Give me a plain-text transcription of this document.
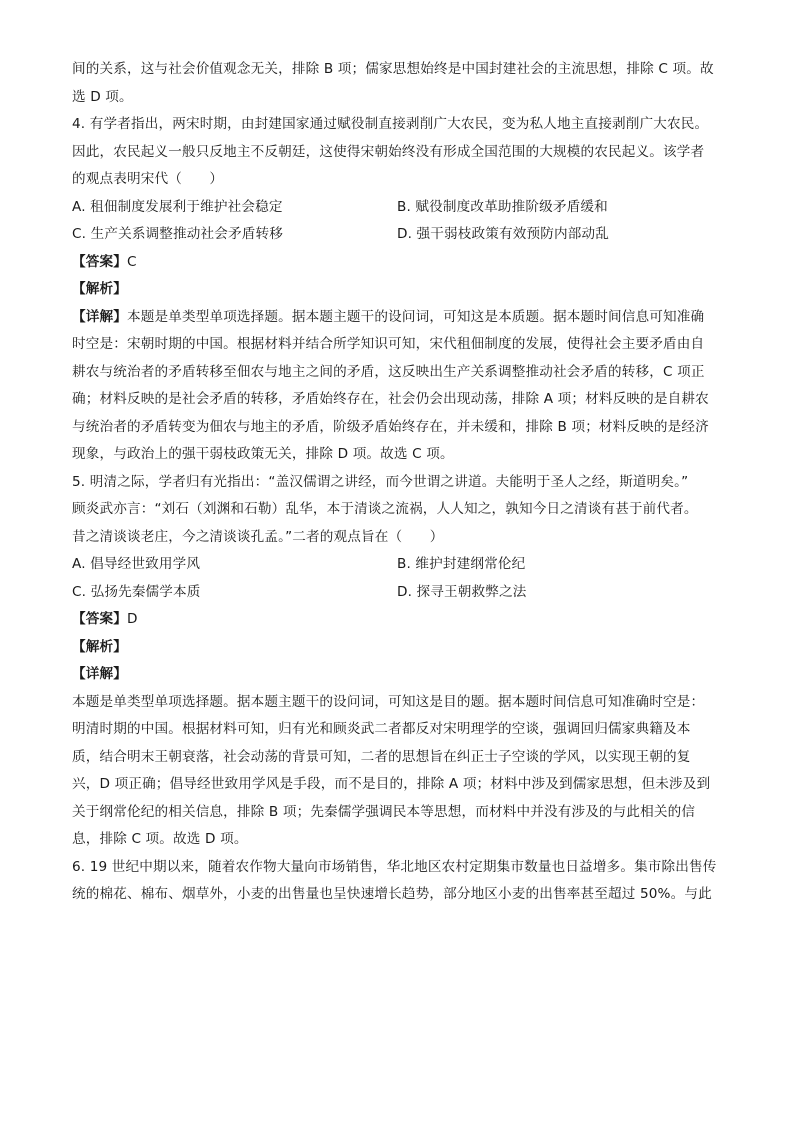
间的关系，这与社会价值观念无关，排除 B 项；儒家思想始终是中国封建社会的主流思想，排除 C 项。故
选 D 项。
4. 有学者指出，两宋时期，由封建国家通过赋役制直接剥削广大农民，变为私人地主直接剥削广大农民。
因此，农民起义一般只反地主不反朝廷，这使得宋朝始终没有形成全国范围的大规模的农民起义。该学者
的观点表明宋代（　　）
A. 租佃制度发展利于维护社会稳定	B. 赋役制度改革助推阶级矛盾缓和
C. 生产关系调整推动社会矛盾转移	D. 强干弱枝政策有效预防内部动乱
【答案】C
【解析】
【详解】本题是单类型单项选择题。据本题主题干的设问词，可知这是本质题。据本题时间信息可知准确
时空是：宋朝时期的中国。根据材料并结合所学知识可知，宋代租佃制度的发展，使得社会主要矛盾由自
耕农与统治者的矛盾转移至佃农与地主之间的矛盾，这反映出生产关系调整推动社会矛盾的转移，C 项正
确；材料反映的是社会矛盾的转移，矛盾始终存在，社会仍会出现动荡，排除 A 项；材料反映的是自耕农
与统治者的矛盾转变为佃农与地主的矛盾，阶级矛盾始终存在，并未缓和，排除 B 项；材料反映的是经济
现象，与政治上的强干弱枝政策无关，排除 D 项。故选 C 项。
5. 明清之际，学者归有光指出：“盖汉儒谓之讲经，而今世谓之讲道。夫能明于圣人之经，斯道明矣。”
顾炎武亦言：“刘石（刘渊和石勒）乱华，本于清谈之流祸，人人知之，孰知今日之清谈有甚于前代者。
昔之清谈谈老庄，今之清谈谈孔孟。”二者的观点旨在（　　）
A. 倡导经世致用学风	B. 维护封建纲常伦纪
C. 弘扬先秦儒学本质	D. 探寻王朝救弊之法
【答案】D
【解析】
【详解】
本题是单类型单项选择题。据本题主题干的设问词，可知这是目的题。据本题时间信息可知准确时空是：
明清时期的中国。根据材料可知，归有光和顾炎武二者都反对宋明理学的空谈，强调回归儒家典籍及本
质，结合明末王朝衰落，社会动荡的背景可知，二者的思想旨在纠正士子空谈的学风，以实现王朝的复
兴，D 项正确；倡导经世致用学风是手段，而不是目的，排除 A 项；材料中涉及到儒家思想，但未涉及到
关于纲常伦纪的相关信息，排除 B 项；先秦儒学强调民本等思想，而材料中并没有涉及的与此相关的信
息，排除 C 项。故选 D 项。
6. 19 世纪中期以来，随着农作物大量向市场销售，华北地区农村定期集市数量也日益增多。集市除出售传
统的棉花、棉布、烟草外，小麦的出售量也呈快速增长趋势，部分地区小麦的出售率甚至超过 50%。与此
